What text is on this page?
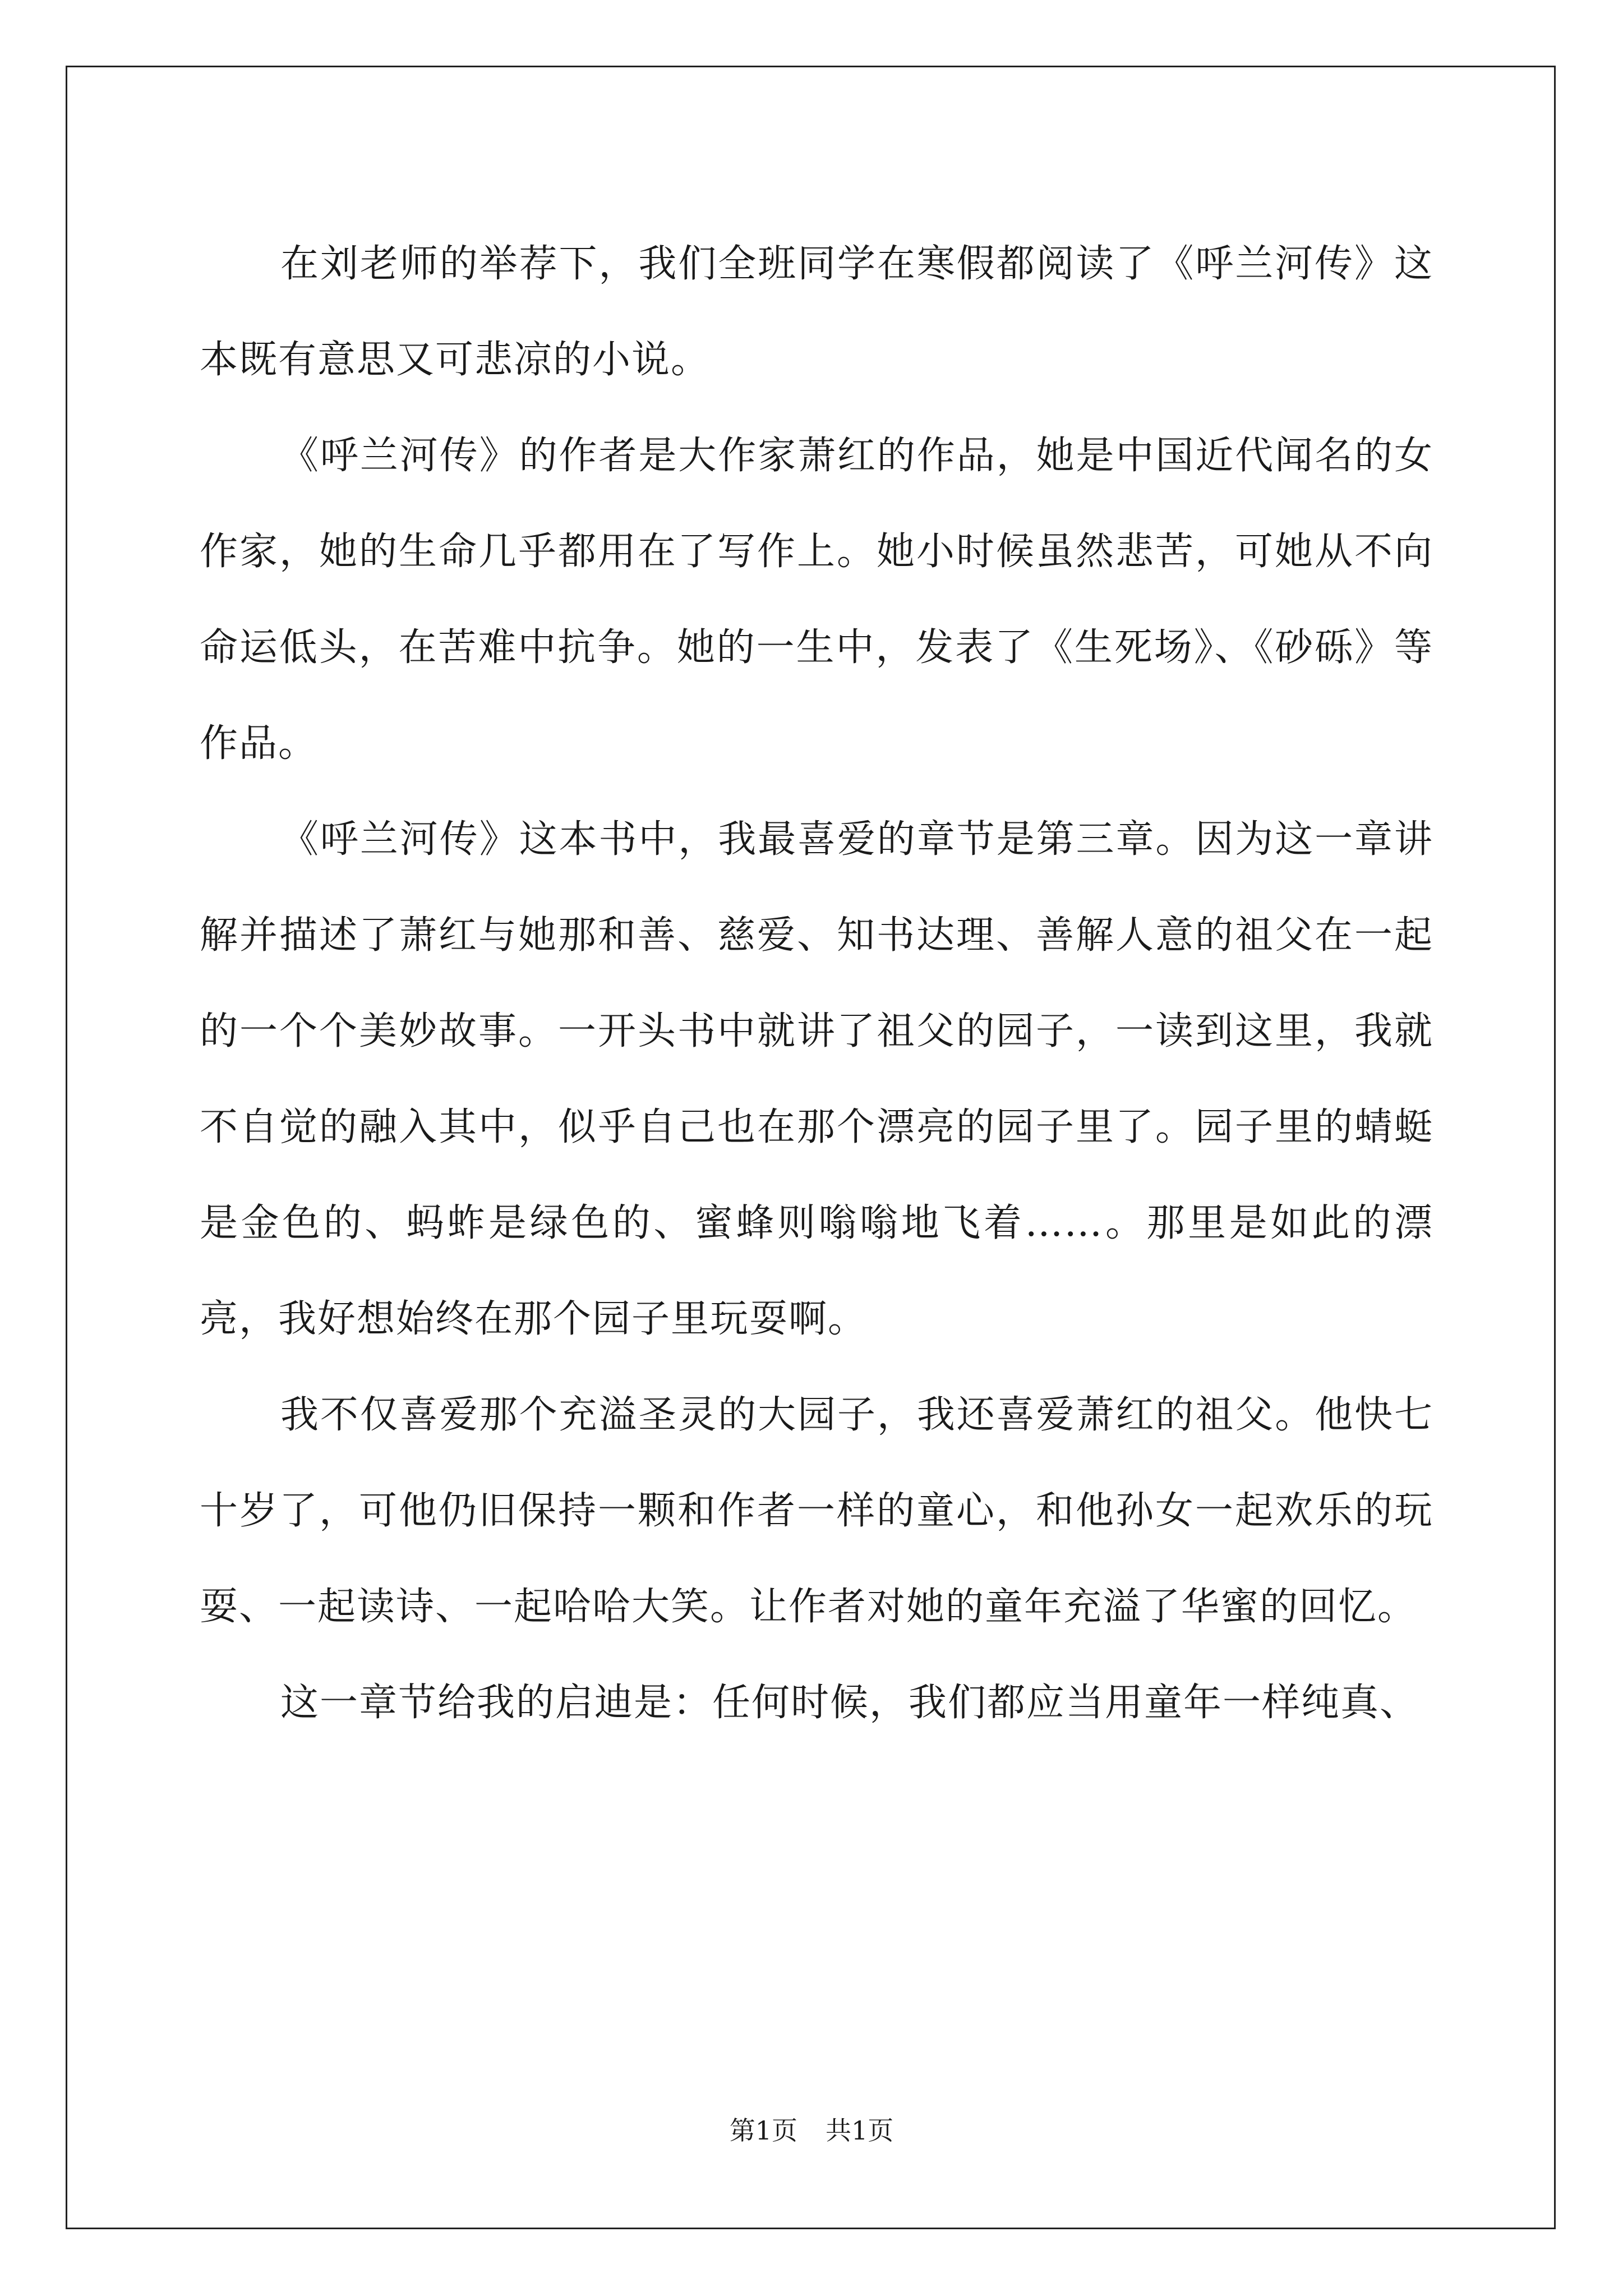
在刘老师的举荐下，我们全班同学在寒假都阅读了《呼兰河传》这本既有意思又可悲凉的小说。

《呼兰河传》的作者是大作家萧红的作品，她是中国近代闻名的女作家，她的生命几乎都用在了写作上。她小时候虽然悲苦，可她从不向命运低头，在苦难中抗争。她的一生中，发表了《生死场》、《砂砾》等作品。

《呼兰河传》这本书中，我最喜爱的章节是第三章。因为这一章讲解并描述了萧红与她那和善、慈爱、知书达理、善解人意的祖父在一起的一个个美妙故事。一开头书中就讲了祖父的园子，一读到这里，我就不自觉的融入其中，似乎自己也在那个漂亮的园子里了。园子里的蜻蜓是金色的、蚂蚱是绿色的、蜜蜂则嗡嗡地飞着……。那里是如此的漂亮，我好想始终在那个园子里玩耍啊。

我不仅喜爱那个充溢圣灵的大园子，我还喜爱萧红的祖父。他快七十岁了，可他仍旧保持一颗和作者一样的童心，和他孙女一起欢乐的玩耍、一起读诗、一起哈哈大笑。让作者对她的童年充溢了华蜜的回忆。

这一章节给我的启迪是：任何时候，我们都应当用童年一样纯真、

第1页 共1页
